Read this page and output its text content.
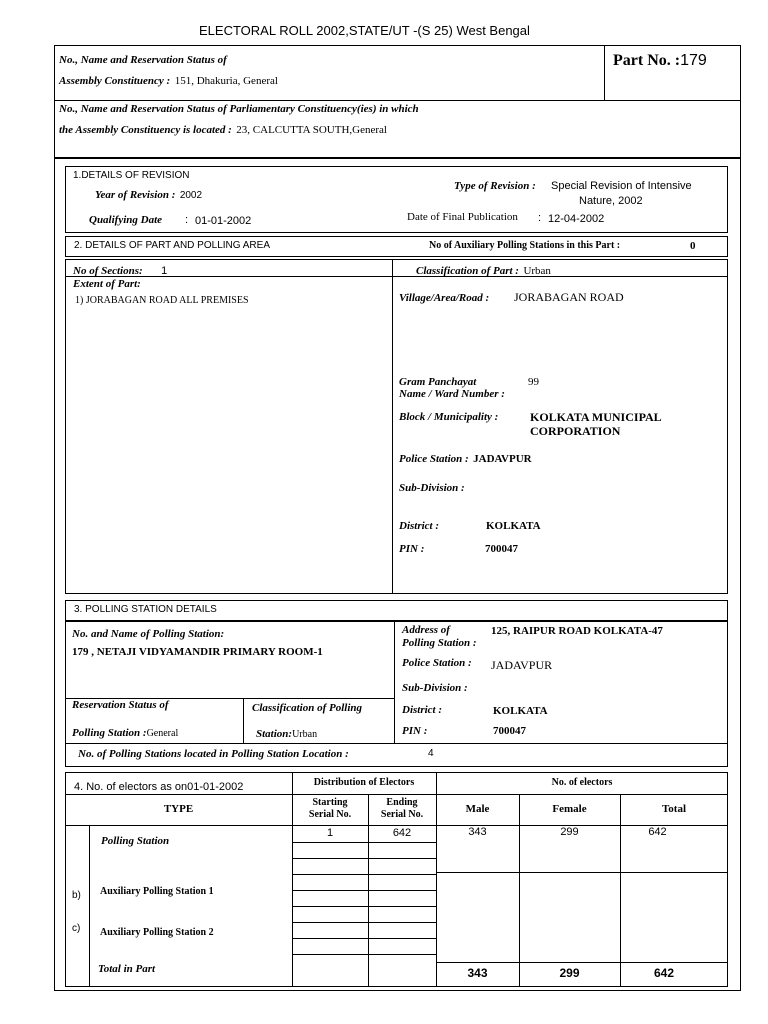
ELECTORAL ROLL 2002,STATE/UT -(S 25) West Bengal
No., Name and Reservation Status of
Assembly Constituency : 151, Dhakuria, General
Part No. :179
No., Name and Reservation Status of Parliamentary Constituency(ies) in which
the Assembly Constituency is located : 23, CALCUTTA SOUTH,General
1.DETAILS OF REVISION
Year of Revision : 2002
Type of Revision : Special Revision of Intensive
Nature, 2002
Qualifying Date : 01-01-2002	Date of Final Publication : 12-04-2002
2. DETAILS OF PART AND POLLING AREA	No of Auxiliary Polling Stations in this Part :	0
No of Sections: 1	Classification of Part : Urban
Extent of Part:
1) JORABAGAN ROAD ALL PREMISES	Village/Area/Road : JORABAGAN ROAD
Gram Panchayat
Name / Ward Number :
99
Block / Municipality :	KOLKATA MUNICIPAL
CORPORATION
Police Station : JADAVPUR
Sub-Division :
District :	KOLKATA
PIN :	700047
3. POLLING STATION DETAILS
No. and Name of Polling Station:
179 , NETAJI VIDYAMANDIR PRIMARY ROOM-1
Address of
Polling Station :
125, RAIPUR ROAD KOLKATA-47
Police Station : JADAVPUR
Sub-Division :
Reservation Status of
Polling Station :General
Classification of Polling
Station:Urban
District :	KOLKATA
PIN :	700047
No. of Polling Stations located in Polling Station Location :	4
4. No. of electors as on01-01-2002	Distribution of Electors	No. of electors
TYPE
Starting
Serial No.
Ending
Serial No.	Male	Female	Total
Polling Station
1	642	343	299	642
b) Auxiliary Polling Station 1
c) Auxiliary Polling Station 2
Total in Part	343	299	642
